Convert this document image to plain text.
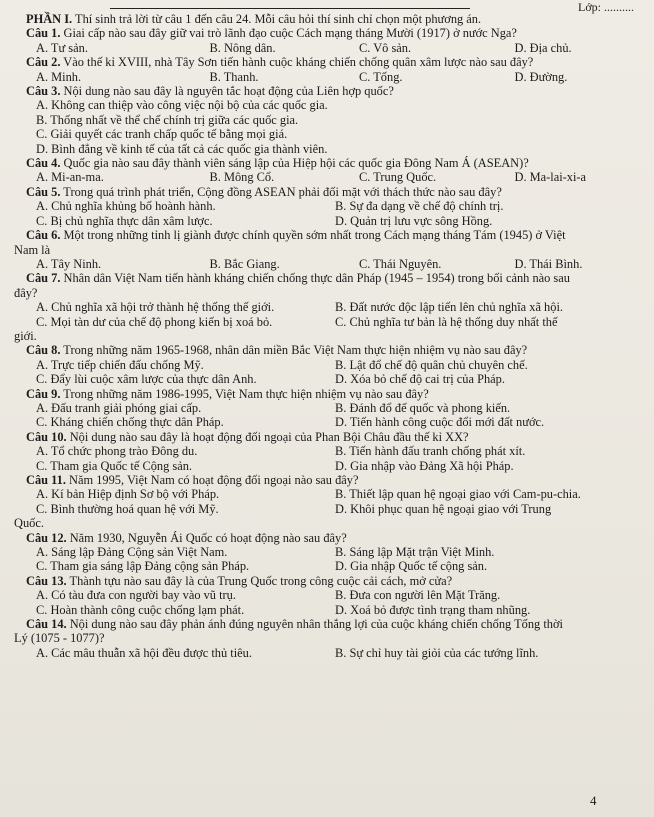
Lớp: ..........

PHẦN I. Thí sinh trả lời từ câu 1 đến câu 24. Mỗi câu hỏi thí sinh chỉ chọn một phương án.

Câu 1. Giai cấp nào sau đây giữ vai trò lãnh đạo cuộc Cách mạng tháng Mười (1917) ở nước Nga?

A. Tư sản.	B. Nông dân.	C. Vô sản.	D. Địa chủ.

Câu 2. Vào thế kỉ XVIII, nhà Tây Sơn tiến hành cuộc kháng chiến chống quân xâm lược nào sau đây?

A. Minh.	B. Thanh.	C. Tống.	D. Đường.

Câu 3. Nội dung nào sau đây là nguyên tắc hoạt động của Liên hợp quốc?

A. Không can thiệp vào công việc nội bộ của các quốc gia.

B. Thống nhất về thể chế chính trị giữa các quốc gia.

C. Giải quyết các tranh chấp quốc tế bằng mọi giá.

D. Bình đẳng về kinh tế của tất cả các quốc gia thành viên.

Câu 4. Quốc gia nào sau đây thành viên sáng lập của Hiệp hội các quốc gia Đông Nam Á (ASEAN)?

A. Mi-an-ma.	B. Mông Cổ.	C. Trung Quốc.	D. Ma-lai-xi-a

Câu 5. Trong quá trình phát triển, Cộng đồng ASEAN phải đối mặt với thách thức nào sau đây?

A. Chủ nghĩa khủng bố hoành hành.	B. Sự đa dạng về chế độ chính trị.
C. Bị chủ nghĩa thực dân xâm lược.	D. Quản trị lưu vực sông Hồng.

Câu 6. Một trong những tỉnh lị giành được chính quyền sớm nhất trong Cách mạng tháng Tám (1945) ở Việt

Nam là

A. Tây Ninh.	B. Bắc Giang.	C. Thái Nguyên.	D. Thái Bình.

Câu 7. Nhân dân Việt Nam tiến hành kháng chiến chống thực dân Pháp (1945 – 1954) trong bối cảnh nào sau

đây?

A. Chủ nghĩa xã hội trở thành hệ thống thế giới.	B. Đất nước độc lập tiến lên chủ nghĩa xã hội.
C. Mọi tàn dư của chế độ phong kiến bị xoá bỏ.	C. Chủ nghĩa tư bản là hệ thống duy nhất thế

giới.

Câu 8. Trong những năm 1965-1968, nhân dân miền Bắc Việt Nam thực hiện nhiệm vụ nào sau đây?

A. Trực tiếp chiến đấu chống Mỹ.	B. Lật đổ chế độ quân chủ chuyên chế.
C. Đẩy lùi cuộc xâm lược của thực dân Anh.	D. Xóa bỏ chế độ cai trị của Pháp.

Câu 9. Trong những năm 1986-1995, Việt Nam thực hiện nhiệm vụ nào sau đây?

A. Đấu tranh giải phóng giai cấp.	B. Đánh đổ đế quốc và phong kiến.
C. Kháng chiến chống thực dân Pháp.	D. Tiến hành công cuộc đổi mới đất nước.

Câu 10. Nội dung nào sau đây là hoạt động đối ngoại của Phan Bội Châu đầu thế kỉ XX?

A. Tổ chức phong trào Đông du.	B. Tiến hành đấu tranh chống phát xít.
C. Tham gia Quốc tế Cộng sản.	D. Gia nhập vào Đảng Xã hội Pháp.

Câu 11. Năm 1995, Việt Nam có hoạt động đối ngoại nào sau đây?

A. Kí bản Hiệp định Sơ bộ với Pháp.	B. Thiết lập quan hệ ngoại giao với Cam-pu-chia.
C. Bình thường hoá quan hệ với Mỹ.	D. Khôi phục quan hệ ngoại giao với Trung

Quốc.

Câu 12. Năm 1930, Nguyễn Ái Quốc có hoạt động nào sau đây?

A. Sáng lập Đảng Cộng sản Việt Nam.	B. Sáng lập Mặt trận Việt Minh.
C. Tham gia sáng lập Đảng cộng sản Pháp.	D. Gia nhập Quốc tế cộng sản.

Câu 13. Thành tựu nào sau đây là của Trung Quốc trong công cuộc cải cách, mở cửa?

A. Có tàu đưa con người bay vào vũ trụ.	B. Đưa con người lên Mặt Trăng.
C. Hoàn thành công cuộc chống lạm phát.	D. Xoá bỏ được tình trạng tham nhũng.

Câu 14. Nội dung nào sau đây phản ánh đúng nguyên nhân thắng lợi của cuộc kháng chiến chống Tống thời

Lý (1075 - 1077)?

A. Các mâu thuẫn xã hội đều được thủ tiêu.	B. Sự chỉ huy tài giỏi của các tướng lĩnh.
4
